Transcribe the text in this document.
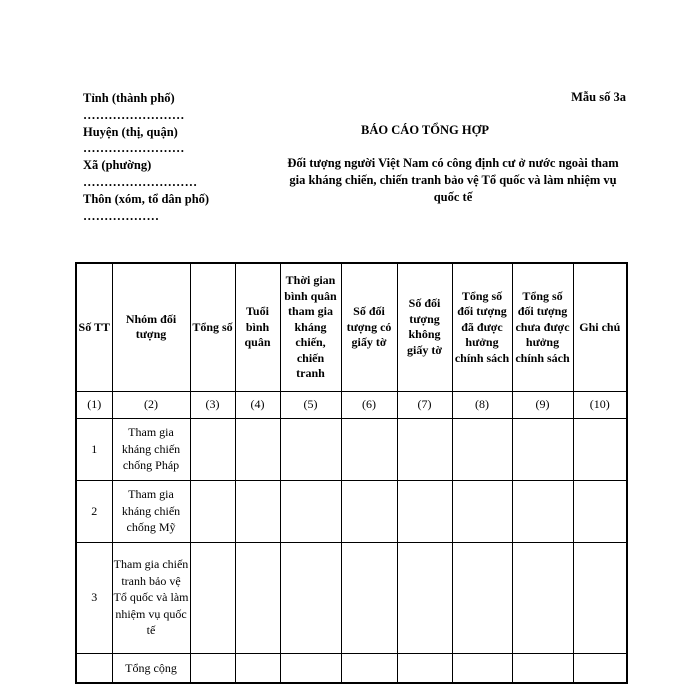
Tỉnh (thành phố)
……………………
Huyện (thị, quận)
……………………
Xã (phường)
………………………
Thôn (xóm, tổ dân phố)
………………
Mẫu số 3a
BÁO CÁO TỔNG HỢP
Đối tượng người Việt Nam có công định cư ở nước ngoài tham gia kháng chiến, chiến tranh bảo vệ Tổ quốc và làm nhiệm vụ quốc tế
Số TT	Nhóm đối tượng	Tổng số	Tuổi bình quân	Thời gian bình quân tham gia kháng chiến, chiến tranh	Số đối tượng có giấy tờ	Số đối tượng không giấy tờ	Tổng số đối tượng đã được hưởng chính sách	Tổng số đối tượng chưa được hưởng chính sách	Ghi chú
(1)	(2)	(3)	(4)	(5)	(6)	(7)	(8)	(9)	(10)
1	Tham gia kháng chiến chống Pháp								
2	Tham gia kháng chiến chống Mỹ								
3	Tham gia chiến tranh bảo vệ Tổ quốc và làm nhiệm vụ quốc tế								
	Tổng cộng								
